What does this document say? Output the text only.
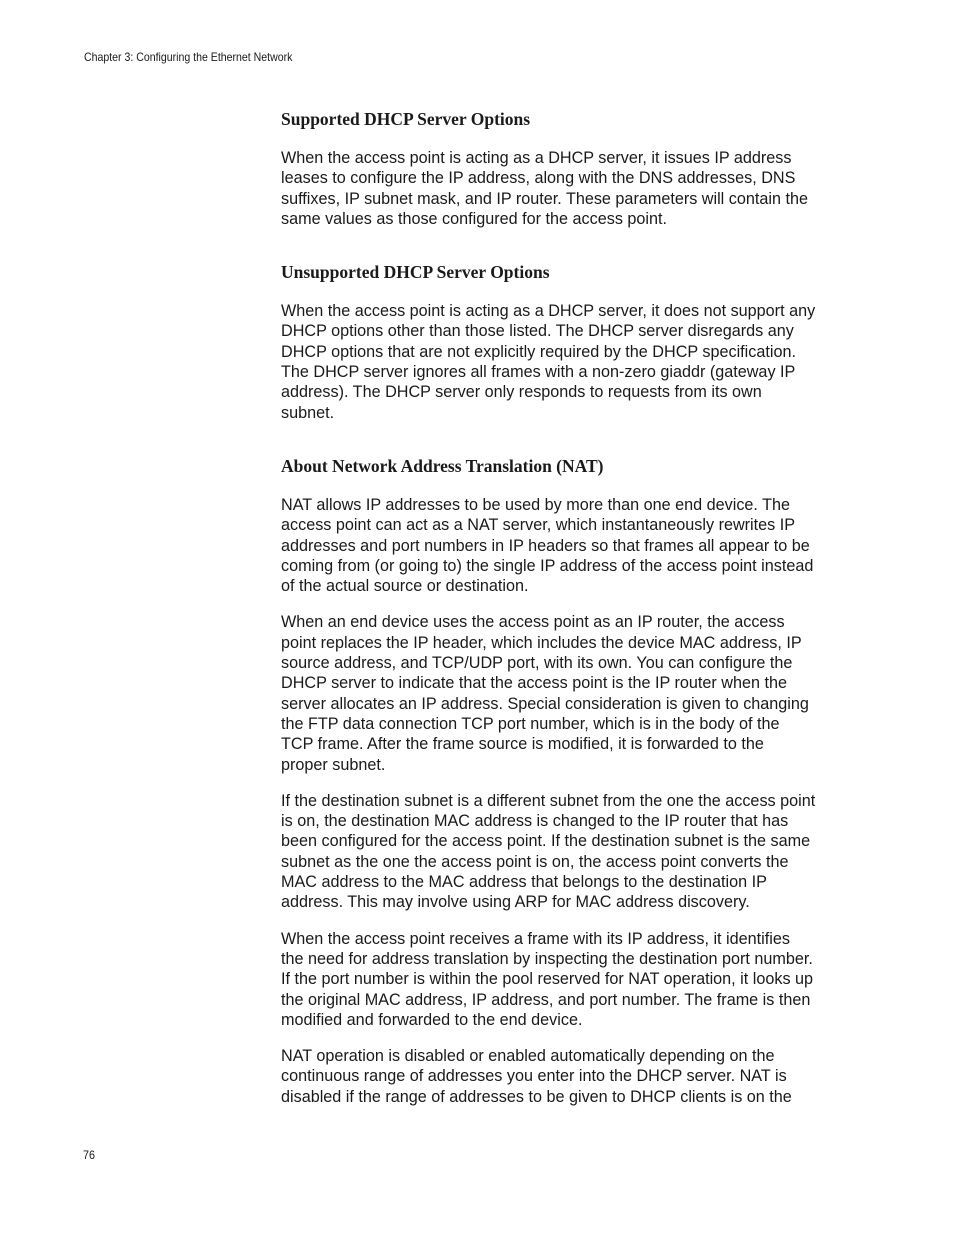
Chapter 3: Configuring the Ethernet Network
Supported DHCP Server Options

When the access point is acting as a DHCP server, it issues IP address
leases to configure the IP address, along with the DNS addresses, DNS
suffixes, IP subnet mask, and IP router. These parameters will contain the
same values as those configured for the access point.

Unsupported DHCP Server Options

When the access point is acting as a DHCP server, it does not support any
DHCP options other than those listed. The DHCP server disregards any
DHCP options that are not explicitly required by the DHCP specification.
The DHCP server ignores all frames with a non-zero giaddr (gateway IP
address). The DHCP server only responds to requests from its own
subnet.

About Network Address Translation (NAT)

NAT allows IP addresses to be used by more than one end device. The
access point can act as a NAT server, which instantaneously rewrites IP
addresses and port numbers in IP headers so that frames all appear to be
coming from (or going to) the single IP address of the access point instead
of the actual source or destination.

When an end device uses the access point as an IP router, the access
point replaces the IP header, which includes the device MAC address, IP
source address, and TCP/UDP port, with its own. You can configure the
DHCP server to indicate that the access point is the IP router when the
server allocates an IP address. Special consideration is given to changing
the FTP data connection TCP port number, which is in the body of the
TCP frame. After the frame source is modified, it is forwarded to the
proper subnet.

If the destination subnet is a different subnet from the one the access point
is on, the destination MAC address is changed to the IP router that has
been configured for the access point. If the destination subnet is the same
subnet as the one the access point is on, the access point converts the
MAC address to the MAC address that belongs to the destination IP
address. This may involve using ARP for MAC address discovery.

When the access point receives a frame with its IP address, it identifies
the need for address translation by inspecting the destination port number.
If the port number is within the pool reserved for NAT operation, it looks up
the original MAC address, IP address, and port number. The frame is then
modified and forwarded to the end device.

NAT operation is disabled or enabled automatically depending on the
continuous range of addresses you enter into the DHCP server. NAT is
disabled if the range of addresses to be given to DHCP clients is on the

76
